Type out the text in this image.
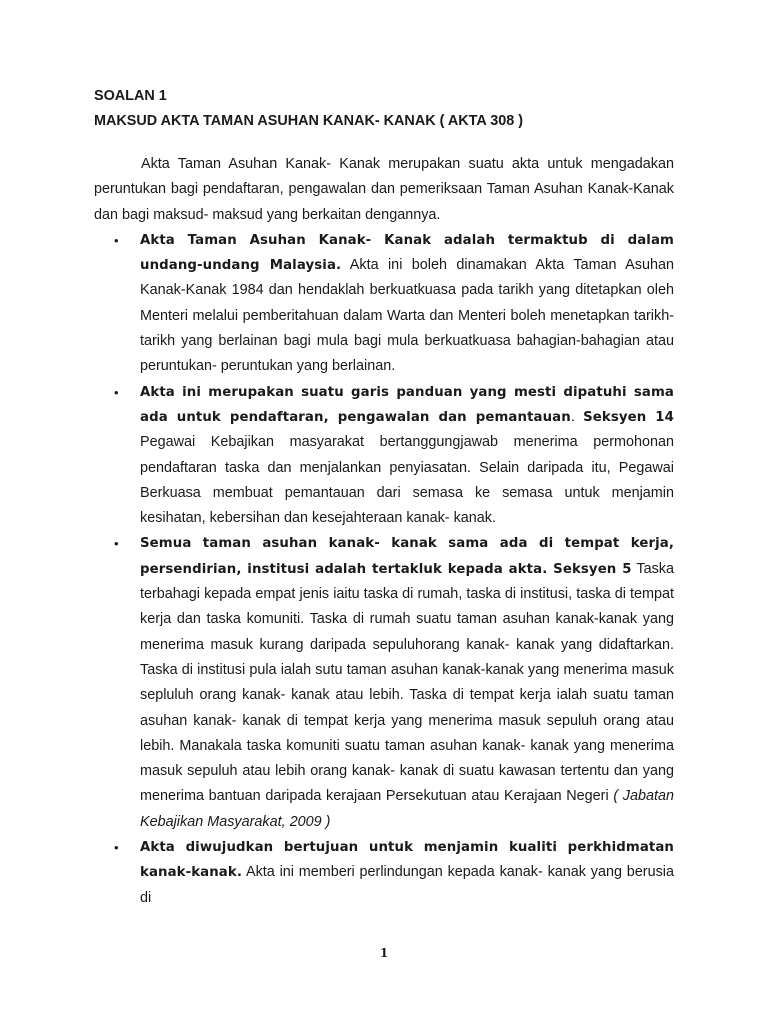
SOALAN 1

MAKSUD AKTA TAMAN ASUHAN KANAK- KANAK ( AKTA 308 )

Akta Taman Asuhan Kanak- Kanak merupakan suatu akta untuk mengadakan peruntukan bagi pendaftaran, pengawalan dan pemeriksaan Taman Asuhan Kanak-Kanak dan bagi maksud- maksud yang berkaitan dengannya.

• Akta Taman Asuhan Kanak- Kanak adalah termaktub di dalam undang-undang Malaysia. Akta ini boleh dinamakan Akta Taman Asuhan Kanak-Kanak 1984 dan hendaklah berkuatkuasa pada tarikh yang ditetapkan oleh Menteri melalui pemberitahuan dalam Warta dan Menteri boleh menetapkan tarikh- tarikh yang berlainan bagi mula bagi mula berkuatkuasa bahagian-bahagian atau peruntukan- peruntukan yang berlainan.
• Akta ini merupakan suatu garis panduan yang mesti dipatuhi sama ada untuk pendaftaran, pengawalan dan pemantauan. Seksyen 14 Pegawai Kebajikan masyarakat bertanggungjawab menerima permohonan pendaftaran taska dan menjalankan penyiasatan. Selain daripada itu, Pegawai Berkuasa membuat pemantauan dari semasa ke semasa untuk menjamin kesihatan, kebersihan dan kesejahteraan kanak- kanak.
• Semua taman asuhan kanak- kanak sama ada di tempat kerja, persendirian, institusi adalah tertakluk kepada akta. Seksyen 5 Taska terbahagi kepada empat jenis iaitu taska di rumah, taska di institusi, taska di tempat kerja dan taska komuniti. Taska di rumah suatu taman asuhan kanak-kanak yang menerima masuk kurang daripada sepuluhorang kanak- kanak yang didaftarkan. Taska di institusi pula ialah sutu taman asuhan kanak-kanak yang menerima masuk sepluluh orang kanak- kanak atau lebih. Taska di tempat kerja ialah suatu taman asuhan kanak- kanak di tempat kerja yang menerima masuk sepuluh orang atau lebih. Manakala taska komuniti suatu taman asuhan kanak- kanak yang menerima masuk sepuluh atau lebih orang kanak- kanak di suatu kawasan tertentu dan yang menerima bantuan daripada kerajaan Persekutuan atau Kerajaan Negeri ( Jabatan Kebajikan Masyarakat, 2009 )
• Akta diwujudkan bertujuan untuk menjamin kualiti perkhidmatan kanak-kanak. Akta ini memberi perlindungan kepada kanak- kanak yang berusia di
1
